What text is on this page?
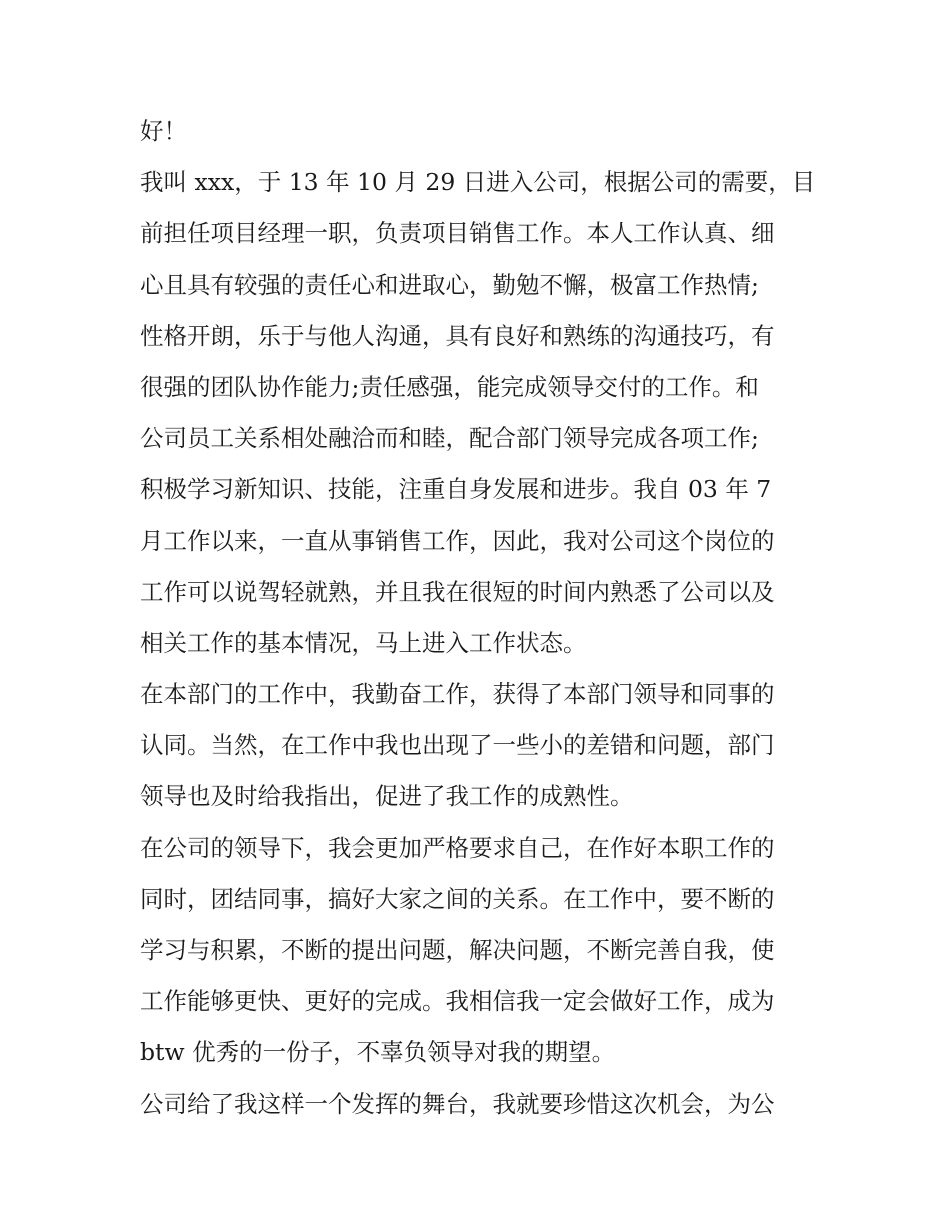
好！

我叫 xxx，于 13 年 10 月 29 日进入公司，根据公司的需要，目

前担任项目经理一职，负责项目销售工作。本人工作认真、细

心且具有较强的责任心和进取心，勤勉不懈，极富工作热情;

性格开朗，乐于与他人沟通，具有良好和熟练的沟通技巧，有

很强的团队协作能力;责任感强，能完成领导交付的工作。和

公司员工关系相处融洽而和睦，配合部门领导完成各项工作;

积极学习新知识、技能，注重自身发展和进步。我自 03 年 7

月工作以来，一直从事销售工作，因此，我对公司这个岗位的

工作可以说驾轻就熟，并且我在很短的时间内熟悉了公司以及

相关工作的基本情况，马上进入工作状态。

在本部门的工作中，我勤奋工作，获得了本部门领导和同事的

认同。当然，在工作中我也出现了一些小的差错和问题，部门

领导也及时给我指出，促进了我工作的成熟性。

在公司的领导下，我会更加严格要求自己，在作好本职工作的

同时，团结同事，搞好大家之间的关系。在工作中，要不断的

学习与积累，不断的提出问题，解决问题，不断完善自我，使

工作能够更快、更好的完成。我相信我一定会做好工作，成为

btw 优秀的一份子，不辜负领导对我的期望。

公司给了我这样一个发挥的舞台，我就要珍惜这次机会，为公
